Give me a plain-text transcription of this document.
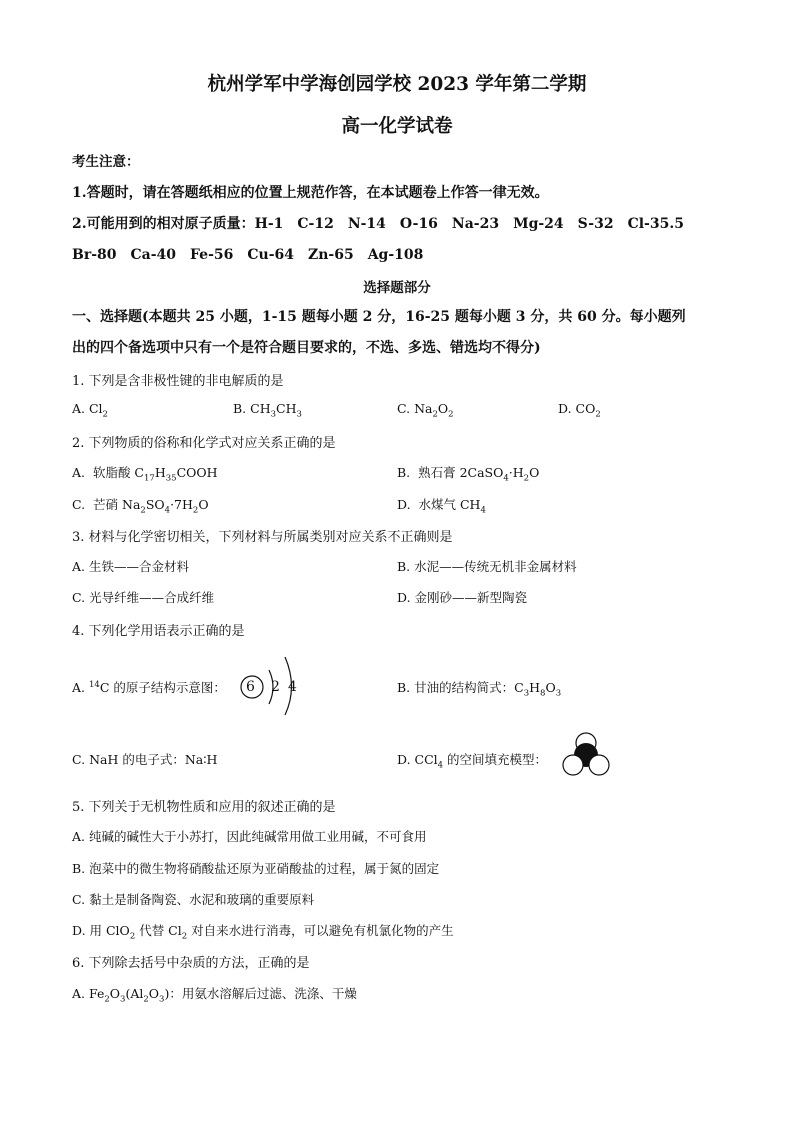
杭州学军中学海创园学校 2023 学年第二学期
高一化学试卷
考生注意：
1.答题时，请在答题纸相应的位置上规范作答，在本试题卷上作答一律无效。
2.可能用到的相对原子质量：H-1　C-12　N-14　O-16　Na-23　Mg-24　S-32　Cl-35.5
Br-80　Ca-40　Fe-56　Cu-64　Zn-65　Ag-108
选择题部分
一、选择题(本题共 25 小题，1-15 题每小题 2 分，16-25 题每小题 3 分，共 60 分。每小题列
出的四个备选项中只有一个是符合题目要求的，不选、多选、错选均不得分)
1. 下列是含非极性键的非电解质的是
A. $Cl_2$	B. $CH_3CH_3$	C. $Na_2O_2$	D. $CO_2$
2. 下列物质的俗称和化学式对应关系正确的是
A.  软脂酸 $C_{17}H_{35}COOH$	B.  熟石膏 $2CaSO_4\cdot H_2O$
C.  芒硝 $Na_2SO_4\cdot 7H_2O$	D.  水煤气 $CH_4$
3. 材料与化学密切相关，下列材料与所属类别对应关系不正确则是
A. 生铁——合金材料	B. 水泥——传统无机非金属材料
C. 光导纤维——合成纤维	D. 金刚砂——新型陶瓷
4. 下列化学用语表示正确的是
A. $^{14}$C 的原子结构示意图： 6 2 4	B. 甘油的结构简式：$C_3H_8O_3$
C. NaH 的电子式：Na∶H	D. CCl$_4$ 的空间填充模型：
5. 下列关于无机物性质和应用的叙述正确的是
A. 纯碱的碱性大于小苏打，因此纯碱常用做工业用碱，不可食用
B. 泡菜中的微生物将硝酸盐还原为亚硝酸盐的过程，属于氮的固定
C. 黏土是制备陶瓷、水泥和玻璃的重要原料
D. 用 ClO$_2$ 代替 $Cl_2$ 对自来水进行消毒，可以避免有机氯化物的产生
6. 下列除去括号中杂质的方法，正确的是
A. $Fe_2O_3(Al_2O_3)$：用氨水溶解后过滤、洗涤、干燥
